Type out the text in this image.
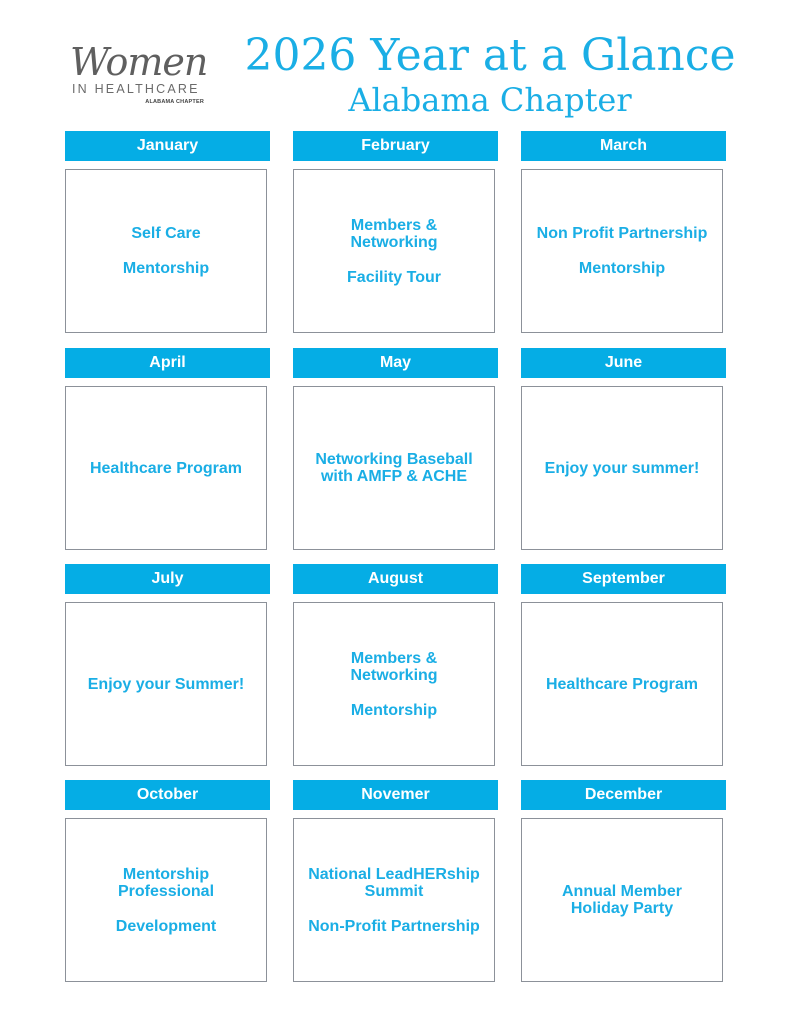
Women
IN HEALTHCARE
ALABAMA CHAPTER
2026 Year at a Glance
Alabama Chapter
January
Self Care
Mentorship
February
Members &
Networking
Facility Tour
March
Non Profit Partnership
Mentorship
April
Healthcare Program
May
Networking Baseball
with AMFP & ACHE
June
Enjoy your summer!
July
Enjoy your Summer!
August
Members &
Networking
Mentorship
September
Healthcare Program
October
Mentorship
Professional
Development
Novemer
National LeadHERship
Summit
Non-Profit Partnership
December
Annual Member
Holiday Party
